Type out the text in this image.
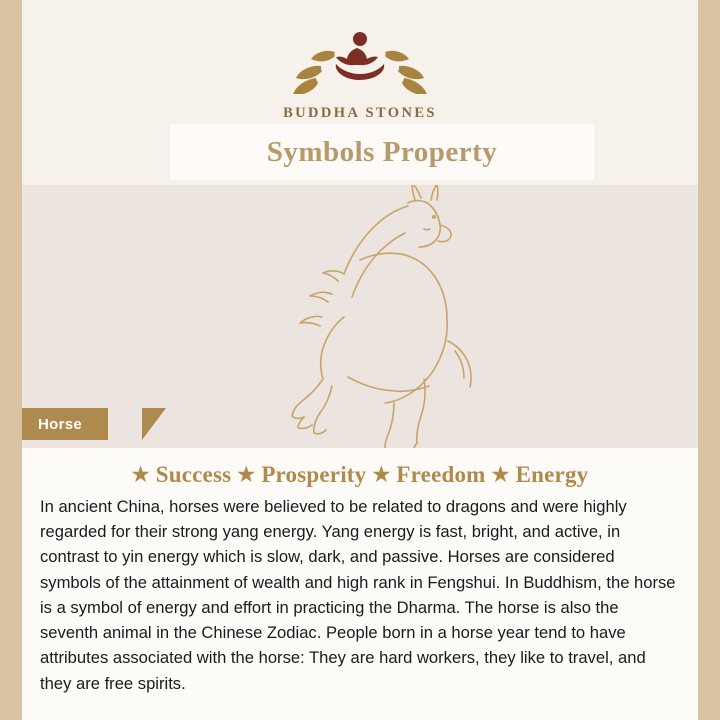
BUDDHA STONES
Symbols Property
Horse
★ Success ★ Prosperity ★ Freedom ★ Energy

In ancient China, horses were believed to be related to dragons and were highly regarded for their strong yang energy. Yang energy is fast, bright, and active, in contrast to yin energy which is slow, dark, and passive. Horses are considered symbols of the attainment of wealth and high rank in Fengshui. In Buddhism, the horse is a symbol of energy and effort in practicing the Dharma. The horse is also the seventh animal in the Chinese Zodiac. People born in a horse year tend to have attributes associated with the horse: They are hard workers, they like to travel, and they are free spirits.
